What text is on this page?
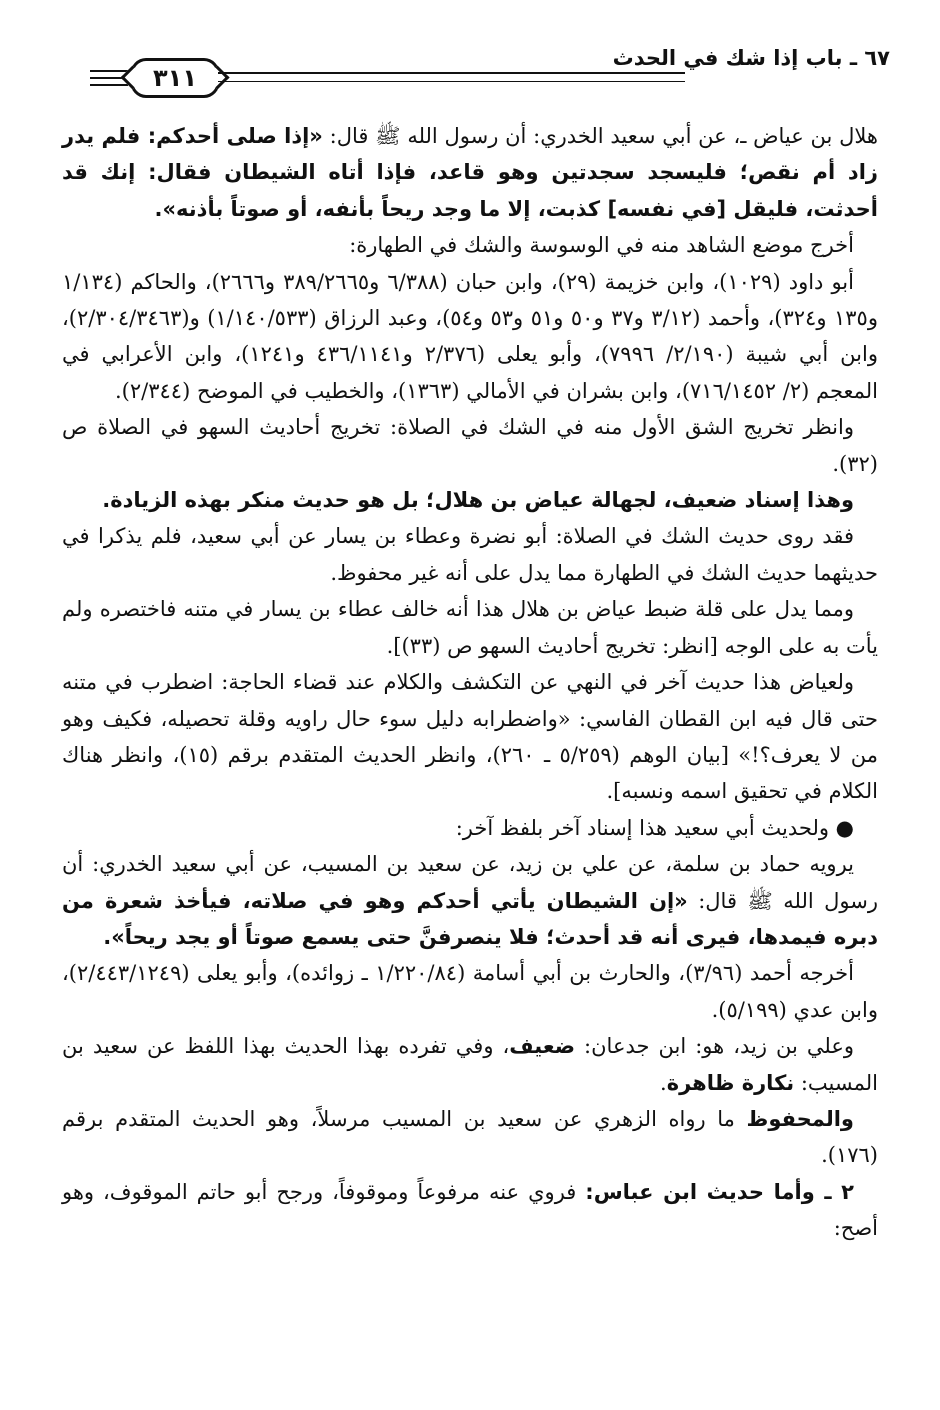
٣١١
٦٧ ـ باب إذا شك في الحدث

هلال بن عياض ـ، عن أبي سعيد الخدري: أن رسول الله ﷺ قال: «إذا صلى أحدكم: فلم يدر زاد أم نقص؛ فليسجد سجدتين وهو قاعد، فإذا أتاه الشيطان فقال: إنك قد أحدثت، فليقل [في نفسه] كذبت، إلا ما وجد ريحاً بأنفه، أو صوتاً بأذنه».

أخرج موضع الشاهد منه في الوسوسة والشك في الطهارة:

أبو داود (١٠٢٩)، وابن خزيمة (٢٩)، وابن حبان (٦/٣٨٨ و٣٨٩/٢٦٦٥ و٢٦٦٦)، والحاكم (١/١٣٤ و١٣٥ و٣٢٤)، وأحمد (٣/١٢ و٣٧ و٥٠ و٥١ و٥٣ و٥٤)، وعبد الرزاق (١/١٤٠/٥٣٣) و(٢/٣٠٤/٣٤٦٣)، وابن أبي شيبة (٢/١٩٠/ ٧٩٩٦)، وأبو يعلى (٢/٣٧٦ و٤٣٦/١١٤١ و١٢٤١)، وابن الأعرابي في المعجم (٢/ ٧١٦/١٤٥٢)، وابن بشران في الأمالي (١٣٦٣)، والخطيب في الموضح (٢/٣٤٤).

وانظر تخريج الشق الأول منه في الشك في الصلاة: تخريج أحاديث السهو في الصلاة ص (٣٢).

وهذا إسناد ضعيف، لجهالة عياض بن هلال؛ بل هو حديث منكر بهذه الزيادة.

فقد روى حديث الشك في الصلاة: أبو نضرة وعطاء بن يسار عن أبي سعيد، فلم يذكرا في حديثهما حديث الشك في الطهارة مما يدل على أنه غير محفوظ.

ومما يدل على قلة ضبط عياض بن هلال هذا أنه خالف عطاء بن يسار في متنه فاختصره ولم يأت به على الوجه [انظر: تخريج أحاديث السهو ص (٣٣)].

ولعياض هذا حديث آخر في النهي عن التكشف والكلام عند قضاء الحاجة: اضطرب في متنه حتى قال فيه ابن القطان الفاسي: «واضطرابه دليل سوء حال راويه وقلة تحصيله، فكيف وهو من لا يعرف؟!» [بيان الوهم (٥/٢٥٩ ـ ٢٦٠)، وانظر الحديث المتقدم برقم (١٥)، وانظر هناك الكلام في تحقيق اسمه ونسبه].

● ولحديث أبي سعيد هذا إسناد آخر بلفظ آخر:

يرويه حماد بن سلمة، عن علي بن زيد، عن سعيد بن المسيب، عن أبي سعيد الخدري: أن رسول الله ﷺ قال: «إن الشيطان يأتي أحدكم وهو في صلاته، فيأخذ شعرة من دبره فيمدها، فيرى أنه قد أحدث؛ فلا ينصرفنَّ حتى يسمع صوتاً أو يجد ريحاً».

أخرجه أحمد (٣/٩٦)، والحارث بن أبي أسامة (١/٢٢٠/٨٤ ـ زوائده)، وأبو يعلى (٢/٤٤٣/١٢٤٩)، وابن عدي (٥/١٩٩).

وعلي بن زيد، هو: ابن جدعان: ضعيف، وفي تفرده بهذا الحديث بهذا اللفظ عن سعيد بن المسيب: نكارة ظاهرة.

والمحفوظ ما رواه الزهري عن سعيد بن المسيب مرسلاً، وهو الحديث المتقدم برقم (١٧٦).

٢ ـ وأما حديث ابن عباس: فروي عنه مرفوعاً وموقوفاً، ورجح أبو حاتم الموقوف، وهو أصح:
